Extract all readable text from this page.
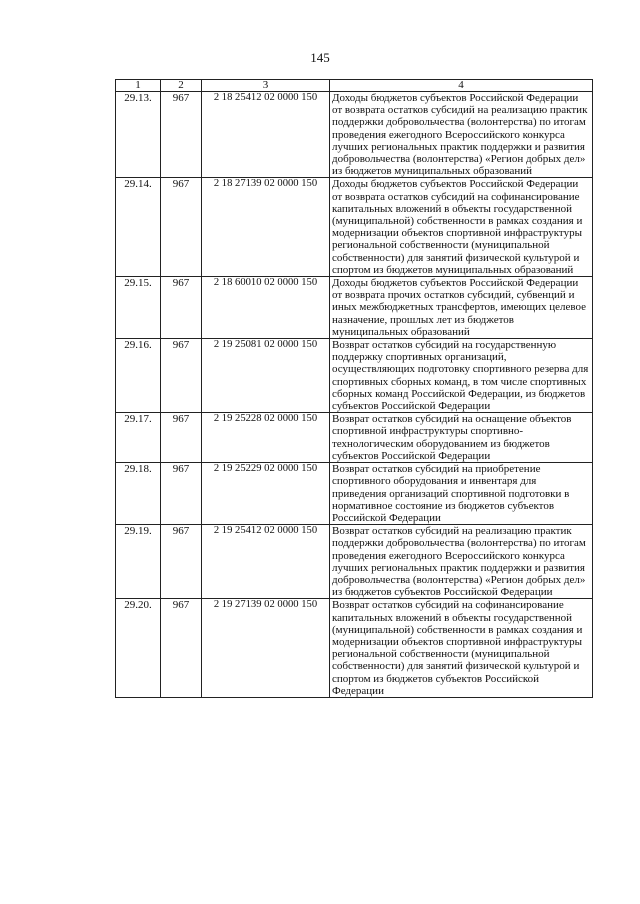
145
1	2	3	4
29.13.	967	2 18 25412 02 0000 150	Доходы бюджетов субъектов Российской Федерации от возврата остатков субсидий на реализацию практик поддержки добровольчества (волонтерства) по итогам проведения ежегодного Всероссийского конкурса лучших региональных практик поддержки и развития добровольчества (волонтерства) «Регион добрых дел» из бюджетов муниципальных образований
29.14.	967	2 18 27139 02 0000 150	Доходы бюджетов субъектов Российской Федерации от возврата остатков субсидий на софинансирование капитальных вложений в объекты государственной (муниципальной) собственности в рамках создания и модернизации объектов спортивной инфраструктуры региональной собственности (муниципальной собственности) для занятий физической культурой и спортом из бюджетов муниципальных образований
29.15.	967	2 18 60010 02 0000 150	Доходы бюджетов субъектов Российской Федерации от возврата прочих остатков субсидий, субвенций и иных межбюджетных трансфертов, имеющих целевое назначение, прошлых лет из бюджетов муниципальных образований
29.16.	967	2 19 25081 02 0000 150	Возврат остатков субсидий на государственную поддержку спортивных организаций, осуществляющих подготовку спортивного резерва для спортивных сборных команд, в том числе спортивных сборных команд Российской Федерации, из бюджетов субъектов Российской Федерации
29.17.	967	2 19 25228 02 0000 150	Возврат остатков субсидий на оснащение объектов спортивной инфраструктуры спортивно-технологическим оборудованием из бюджетов субъектов Российской Федерации
29.18.	967	2 19 25229 02 0000 150	Возврат остатков субсидий на приобретение спортивного оборудования и инвентаря для приведения организаций спортивной подготовки в нормативное состояние из бюджетов субъектов Российской Федерации
29.19.	967	2 19 25412 02 0000 150	Возврат остатков субсидий на реализацию практик поддержки добровольчества (волонтерства) по итогам проведения ежегодного Всероссийского конкурса лучших региональных практик поддержки и развития добровольчества (волонтерства) «Регион добрых дел» из бюджетов субъектов Российской Федерации
29.20.	967	2 19 27139 02 0000 150	Возврат остатков субсидий на софинансирование капитальных вложений в объекты государственной (муниципальной) собственности в рамках создания и модернизации объектов спортивной инфраструктуры региональной собственности (муниципальной собственности) для занятий физической культурой и спортом из бюджетов субъектов Российской Федерации
